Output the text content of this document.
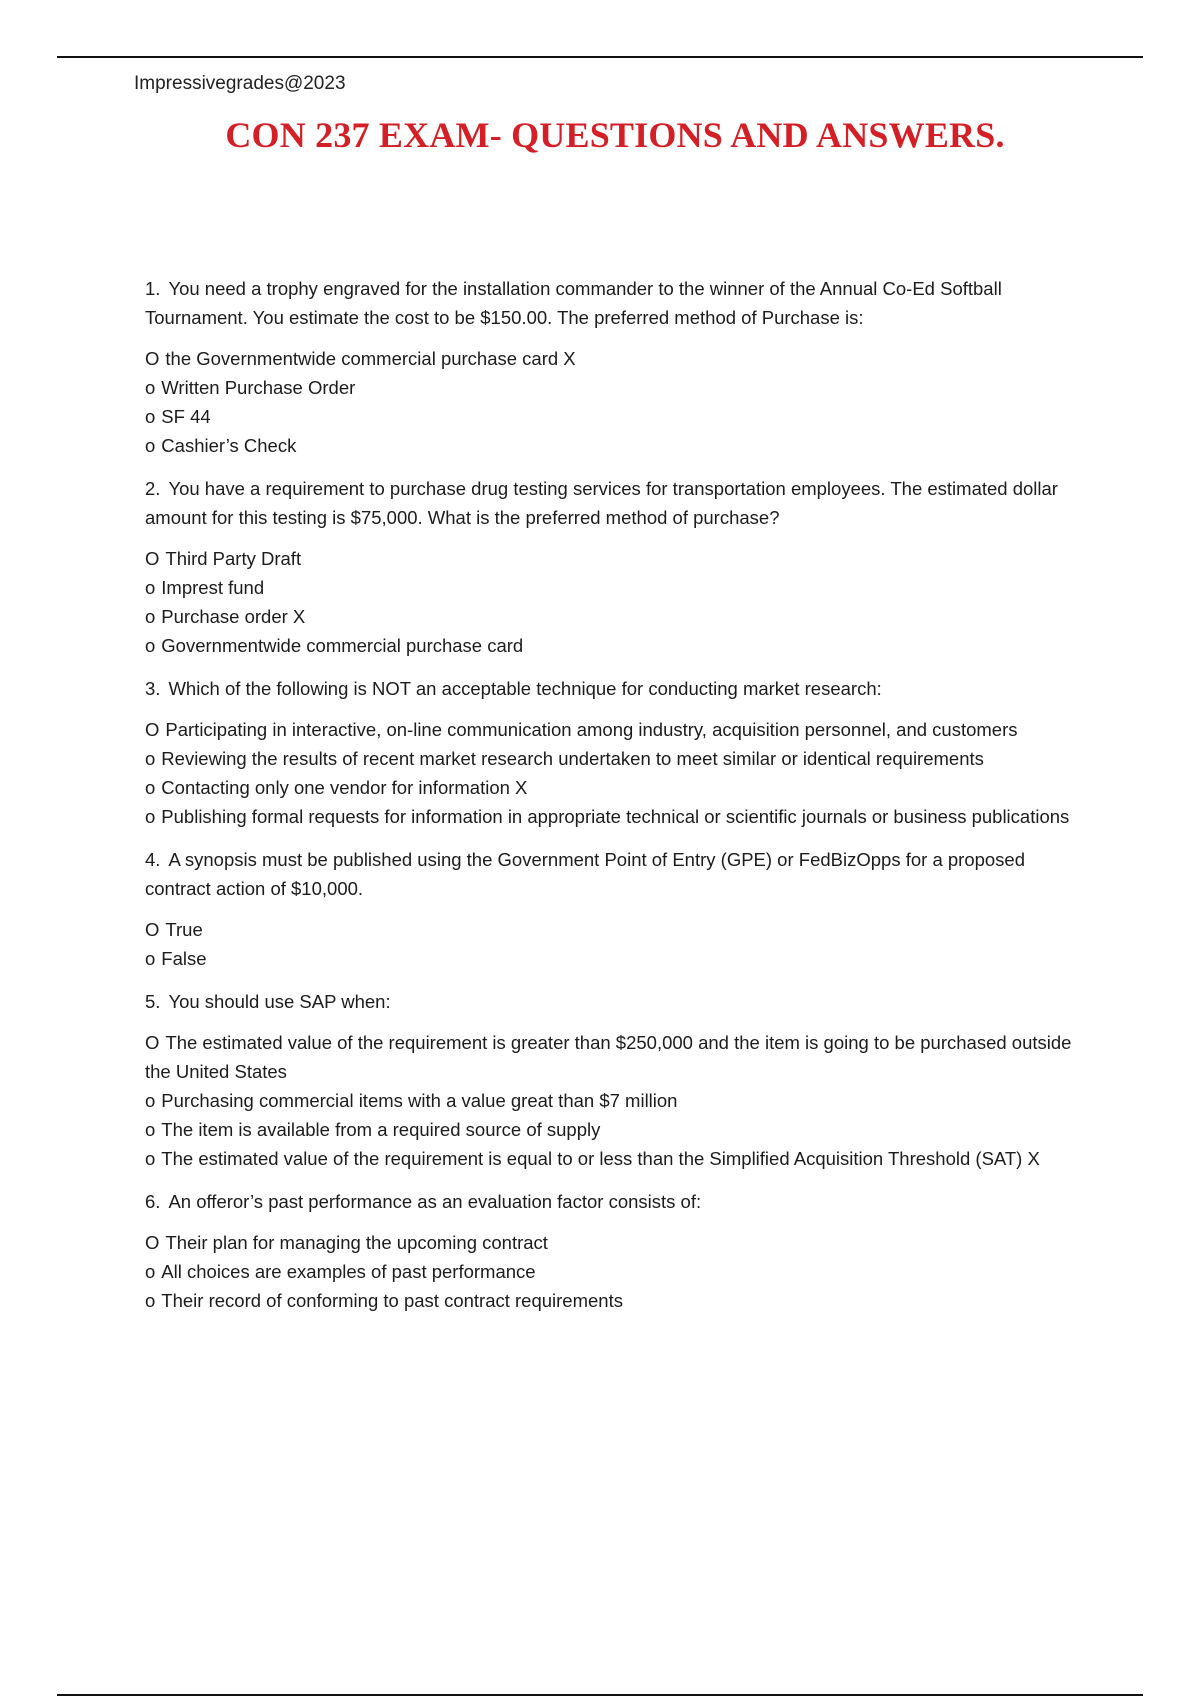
Impressivegrades@2023
CON 237 EXAM- QUESTIONS AND ANSWERS.

1. You need a trophy engraved for the installation commander to the winner of the Annual Co-Ed Softball Tournament. You estimate the cost to be $150.00. The preferred method of Purchase is:

O the Governmentwide commercial purchase card X
o Written Purchase Order
o SF 44
o Cashier’s Check

2. You have a requirement to purchase drug testing services for transportation employees. The estimated dollar amount for this testing is $75,000. What is the preferred method of purchase?

O Third Party Draft
o Imprest fund
o Purchase order X
o Governmentwide commercial purchase card

3. Which of the following is NOT an acceptable technique for conducting market research:

O Participating in interactive, on-line communication among industry, acquisition personnel, and customers
o Reviewing the results of recent market research undertaken to meet similar or identical requirements
o Contacting only one vendor for information X
o Publishing formal requests for information in appropriate technical or scientific journals or business publications

4. A synopsis must be published using the Government Point of Entry (GPE) or FedBizOpps for a proposed contract action of $10,000.

O True
o False

5. You should use SAP when:

O The estimated value of the requirement is greater than $250,000 and the item is going to be purchased outside the United States
o Purchasing commercial items with a value great than $7 million
o The item is available from a required source of supply
o The estimated value of the requirement is equal to or less than the Simplified Acquisition Threshold (SAT) X

6. An offeror’s past performance as an evaluation factor consists of:

O Their plan for managing the upcoming contract
o All choices are examples of past performance
o Their record of conforming to past contract requirements
